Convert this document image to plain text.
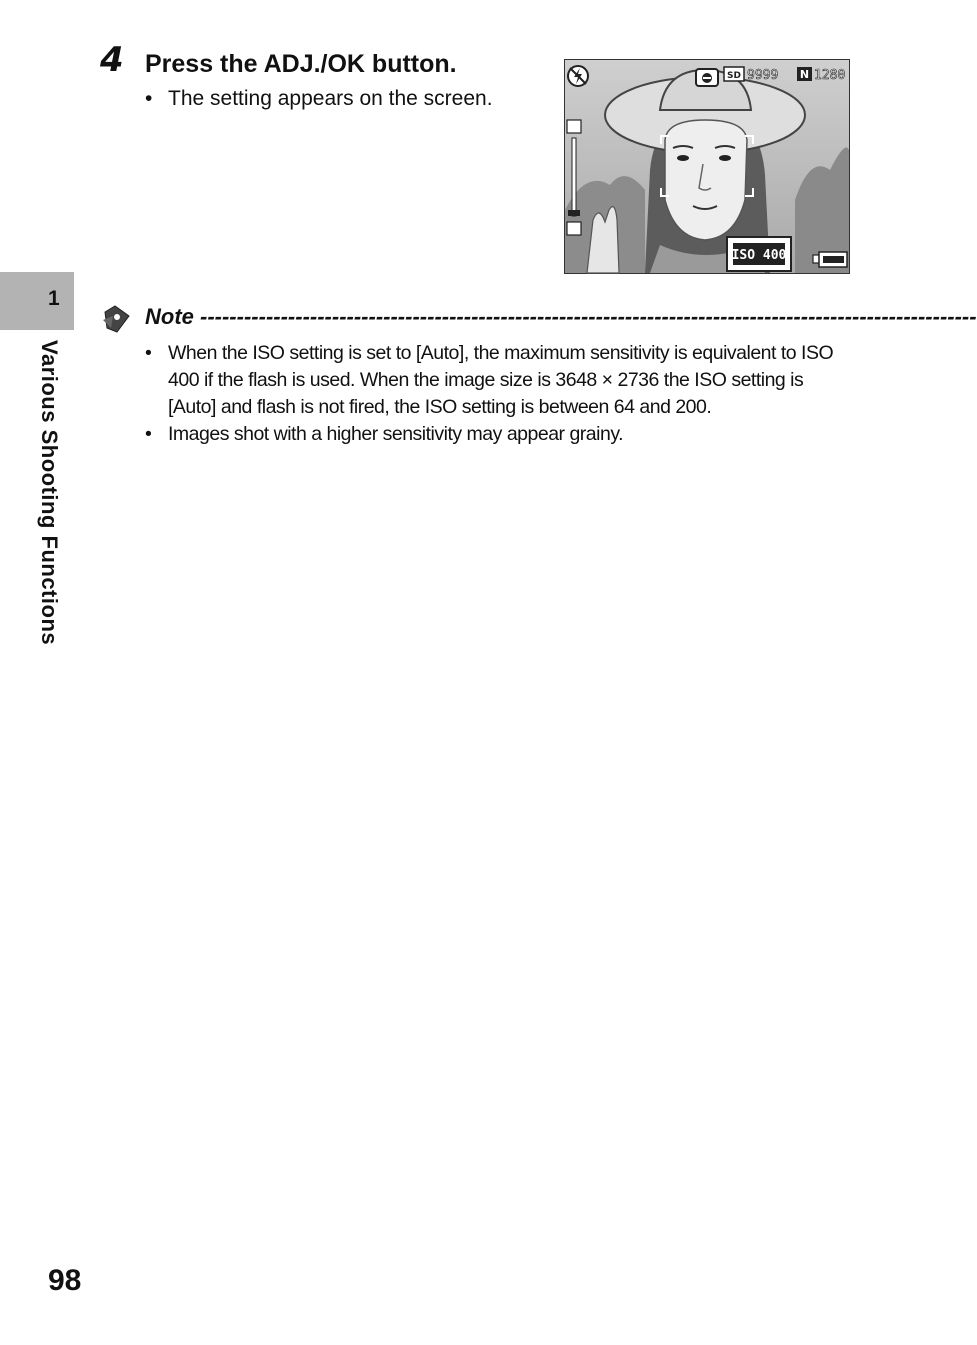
1
Various Shooting Functions
4 Press the ADJ./OK button.
• The setting appears on the screen.
SD 9999 N 1280
ISO 400
Note ----------------------------------------------------------------------------------------------------------
• When the ISO setting is set to [Auto], the maximum sensitivity is equivalent to ISO 400 if the flash is used. When the image size is 3648 × 2736 the ISO setting is [Auto] and flash is not fired, the ISO setting is between 64 and 200.
• Images shot with a higher sensitivity may appear grainy.
98
